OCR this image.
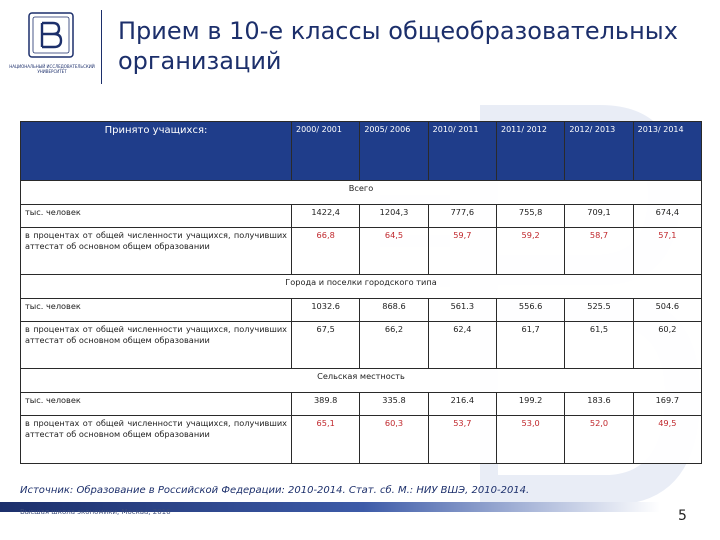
НАЦИОНАЛЬНЫЙ ИССЛЕДОВАТЕЛЬСКИЙ
УНИВЕРСИТЕТ
Прием в 10-е классы общеобразовательных организаций
Принято учащихся:	2000/ 2001	2005/ 2006	2010/ 2011	2011/ 2012	2012/ 2013	2013/ 2014
Всего						
тыс. человек	1422,4	1204,3	777,6	755,8	709,1	674,4
в процентах от общей численности учащихся, получивших аттестат об основном общем образовании	66,8	64,5	59,7	59,2	58,7	57,1
Города и поселки городского типа						
тыс. человек	1032.6	868.6	561.3	556.6	525.5	504.6
в процентах от общей численности учащихся, получивших аттестат об основном общем образовании	67,5	66,2	62,4	61,7	61,5	60,2
Сельская местность						
тыс. человек	389.8	335.8	216.4	199.2	183.6	169.7
в процентах от общей численности учащихся, получивших аттестат об основном общем образовании	65,1	60,3	53,7	53,0	52,0	49,5
Источник: Образование в Российской Федерации: 2010-2014. Стат. сб. М.: НИУ ВШЭ, 2010-2014.
Высшая школа экономики, Москва, 2016	5
